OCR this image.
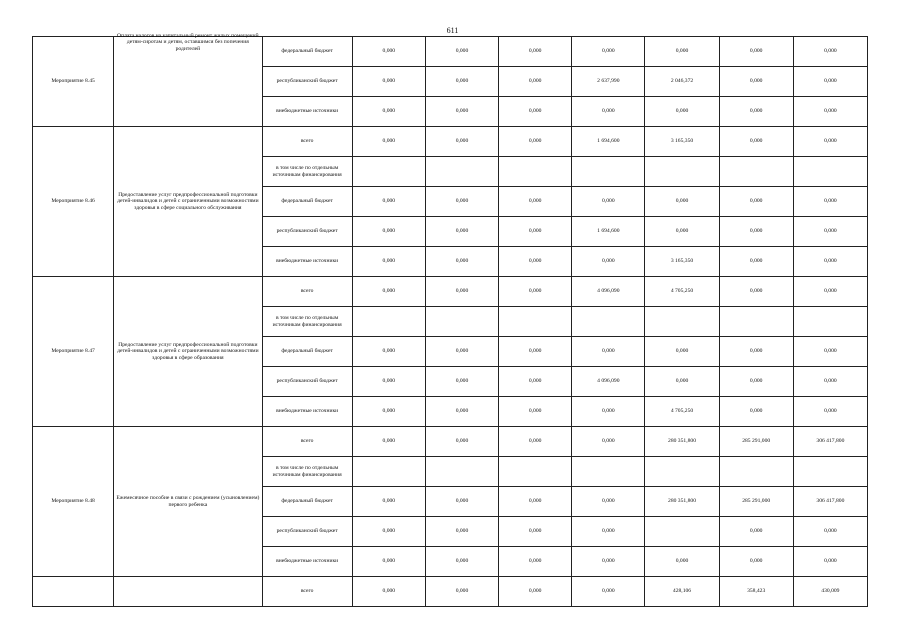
611
Мероприятие 8.45	Оплата налогов на капитальный ремонт жилых помещений детям-сиротам и детям, оставшимся без попечения родителей	федеральный бюджет	0,000	0,000	0,000	0,000	0,000	0,000	0,000
		республиканский бюджет	0,000	0,000	0,000	2 637,990	2 046,372	0,000	0,000
		внебюджетные источники	0,000	0,000	0,000	0,000	0,000	0,000	0,000
Мероприятие 8.46	Предоставление услуг предпрофессиональной подготовки детей-инвалидов и детей с ограниченными возможностями здоровья в сфере социального обслуживания	всего	0,000	0,000	0,000	1 694,600	3 165,350	0,000	0,000
		в том числе по отдельным источникам финансирования							
		федеральный бюджет	0,000	0,000	0,000	0,000	0,000	0,000	0,000
		республиканский бюджет	0,000	0,000	0,000	1 694,600	0,000	0,000	0,000
		внебюджетные источники	0,000	0,000	0,000	0,000	3 165,350	0,000	0,000
Мероприятие 8.47	Предоставление услуг предпрофессиональной подготовки детей-инвалидов и детей с ограниченными возможностями здоровья в сфере образования	всего	0,000	0,000	0,000	4 096,090	4 705,250	0,000	0,000
		в том числе по отдельным источникам финансирования							
		федеральный бюджет	0,000	0,000	0,000	0,000	0,000	0,000	0,000
		республиканский бюджет	0,000	0,000	0,000	4 096,090	0,000	0,000	0,000
		внебюджетные источники	0,000	0,000	0,000	0,000	4 705,250	0,000	0,000
Мероприятие 8.48	Ежемесячное пособие в связи с рождением (усыновлением) первого ребенка	всего	0,000	0,000	0,000	0,000	280 351,800	285 291,000	306 417,800
		в том числе по отдельным источникам финансирования							
		федеральный бюджет	0,000	0,000	0,000	0,000	280 351,800	285 291,000	306 417,800
		республиканский бюджет	0,000	0,000	0,000	0,000		0,000	0,000
		внебюджетные источники	0,000	0,000	0,000	0,000	0,000	0,000	0,000
		всего	0,000	0,000	0,000	0,000	428,106	358,423	430,009
